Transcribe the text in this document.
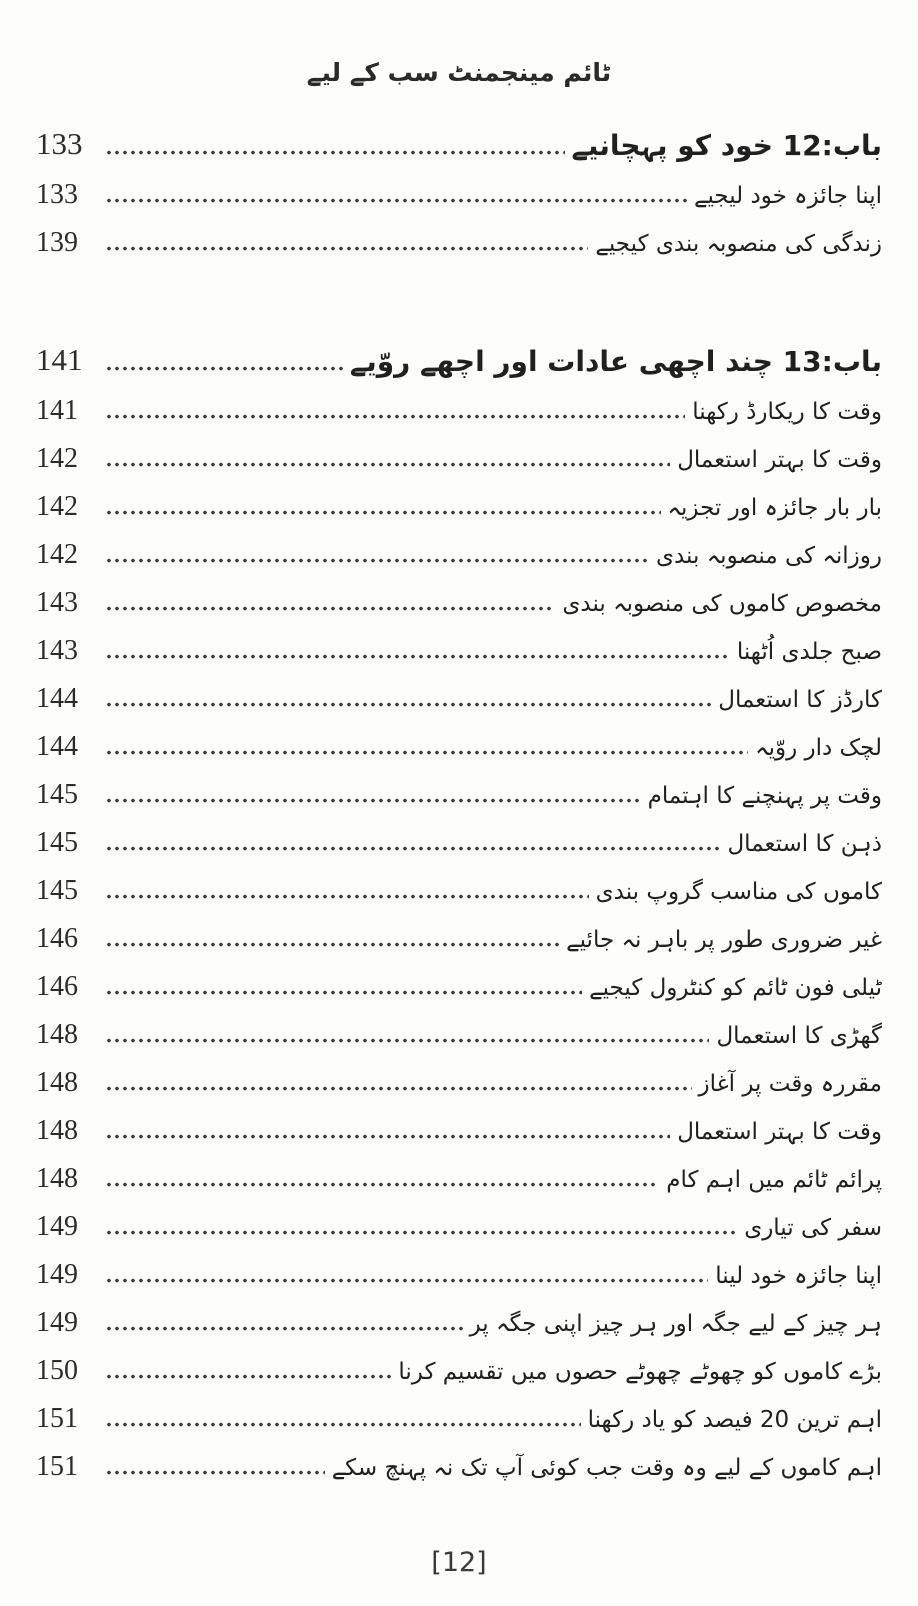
ٹائم مینجمنٹ سب کے لیے
باب:12 خود کو پہچانیے
133
اپنا جائزہ خود لیجیے
133
زندگی کی منصوبہ بندی کیجیے
139
باب:13 چند اچھی عادات اور اچھے روّیے
141
وقت کا ریکارڈ رکھنا
141
وقت کا بہتر استعمال
142
بار بار جائزہ اور تجزیہ
142
روزانہ کی منصوبہ بندی
142
مخصوص کاموں کی منصوبہ بندی
143
صبح جلدی اُٹھنا
143
کارڈز کا استعمال
144
لچک دار روّیہ
144
وقت پر پہنچنے کا اہتمام
145
ذہن کا استعمال
145
کاموں کی مناسب گروپ بندی
145
غیر ضروری طور پر باہر نہ جائیے
146
ٹیلی فون ٹائم کو کنٹرول کیجیے
146
گھڑی کا استعمال
148
مقررہ وقت پر آغاز
148
وقت کا بہتر استعمال
148
پرائم ٹائم میں اہم کام
148
سفر کی تیاری
149
اپنا جائزہ خود لینا
149
ہر چیز کے لیے جگہ اور ہر چیز اپنی جگہ پر
149
بڑے کاموں کو چھوٹے چھوٹے حصوں میں تقسیم کرنا
150
اہم ترین 20 فیصد کو یاد رکھنا
151
اہم کاموں کے لیے وہ وقت جب کوئی آپ تک نہ پہنچ سکے
151
[12]
